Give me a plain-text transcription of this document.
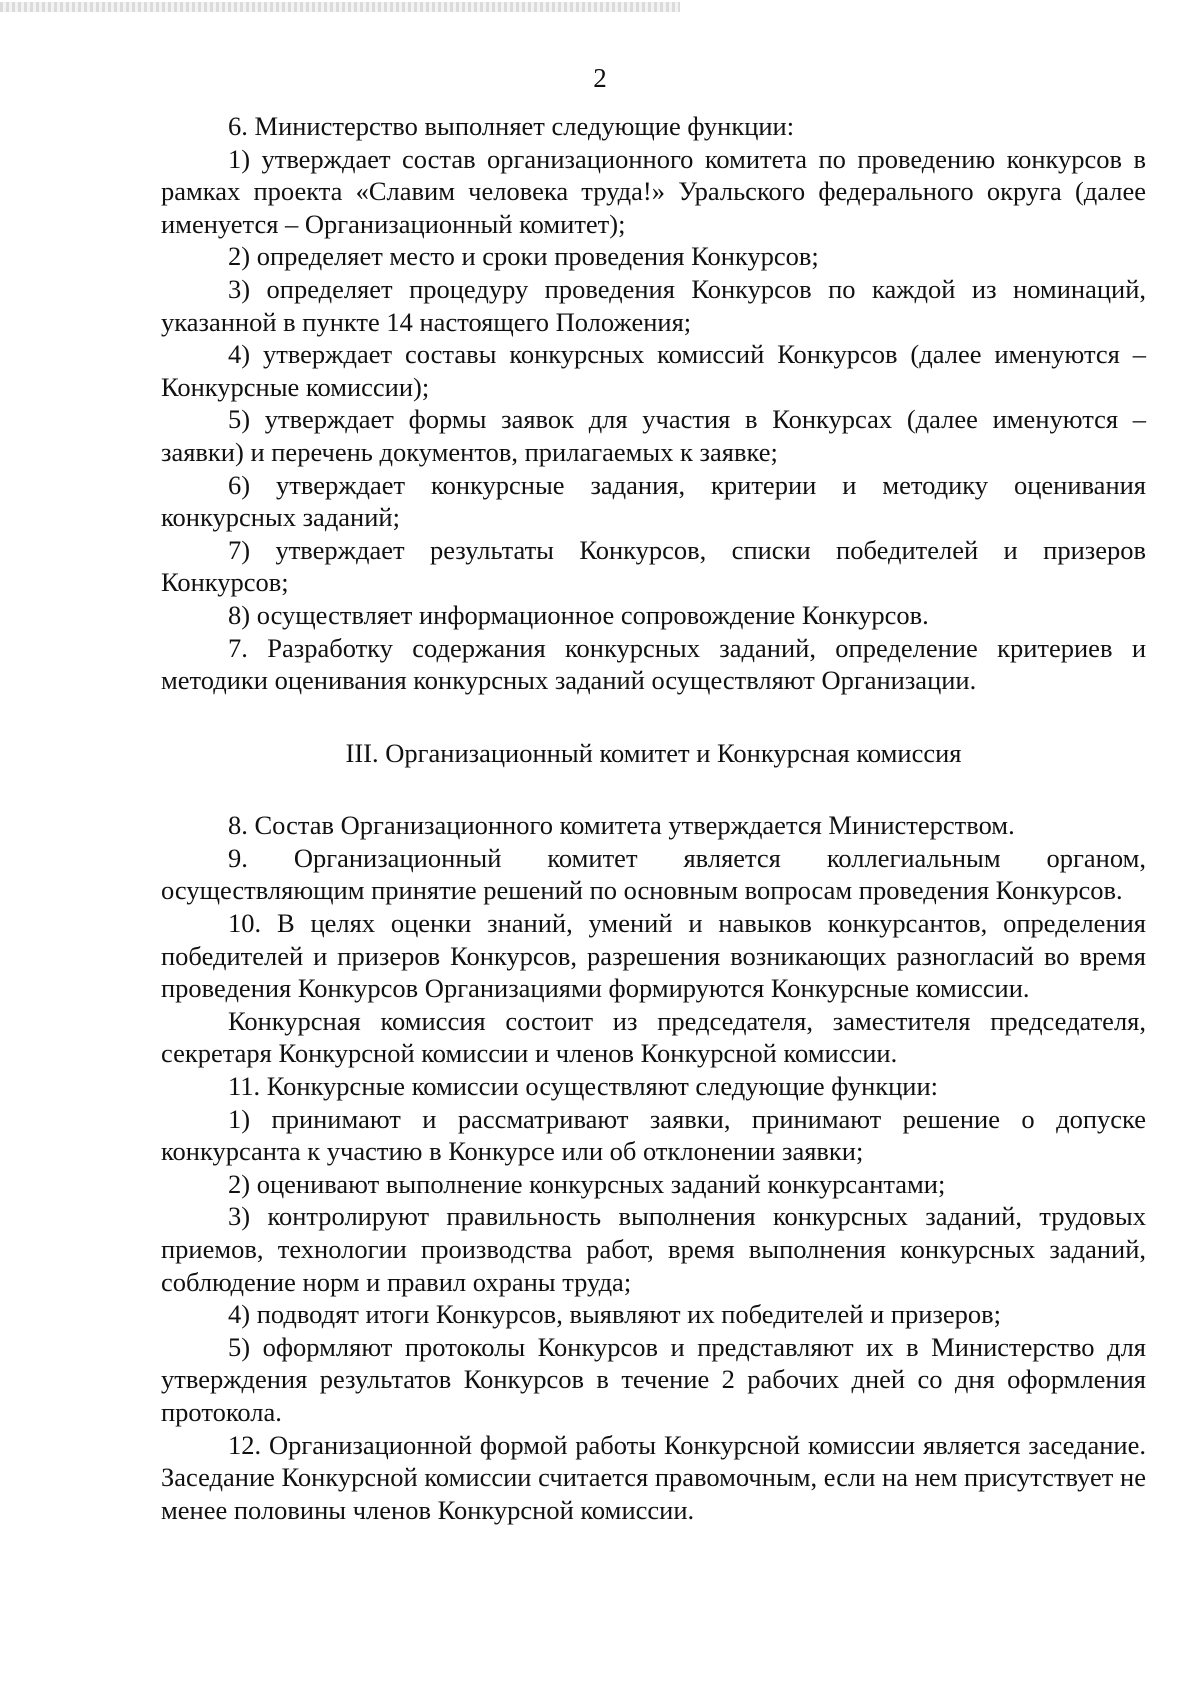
2

6. Министерство выполняет следующие функции:

1) утверждает состав организационного комитета по проведению конкурсов в рамках проекта «Славим человека труда!» Уральского федерального округа (далее именуется – Организационный комитет);

2) определяет место и сроки проведения Конкурсов;

3) определяет процедуру проведения Конкурсов по каждой из номинаций, указанной в пункте 14 настоящего Положения;

4) утверждает составы конкурсных комиссий Конкурсов (далее именуются – Конкурсные комиссии);

5) утверждает формы заявок для участия в Конкурсах (далее именуются – заявки) и перечень документов, прилагаемых к заявке;

6) утверждает конкурсные задания, критерии и методику оценивания конкурсных заданий;

7) утверждает результаты Конкурсов, списки победителей и призеров Конкурсов;

8) осуществляет информационное сопровождение Конкурсов.

7. Разработку содержания конкурсных заданий, определение критериев и методики оценивания конкурсных заданий осуществляют Организации.

III. Организационный комитет и Конкурсная комиссия

8. Состав Организационного комитета утверждается Министерством.

9. Организационный комитет является коллегиальным органом, осуществляющим принятие решений по основным вопросам проведения Конкурсов.

10. В целях оценки знаний, умений и навыков конкурсантов, определения победителей и призеров Конкурсов, разрешения возникающих разногласий во время проведения Конкурсов Организациями формируются Конкурсные комиссии.

Конкурсная комиссия состоит из председателя, заместителя председателя, секретаря Конкурсной комиссии и членов Конкурсной комиссии.

11. Конкурсные комиссии осуществляют следующие функции:

1) принимают и рассматривают заявки, принимают решение о допуске конкурсанта к участию в Конкурсе или об отклонении заявки;

2) оценивают выполнение конкурсных заданий конкурсантами;

3) контролируют правильность выполнения конкурсных заданий, трудовых приемов, технологии производства работ, время выполнения конкурсных заданий, соблюдение норм и правил охраны труда;

4) подводят итоги Конкурсов, выявляют их победителей и призеров;

5) оформляют протоколы Конкурсов и представляют их в Министерство для утверждения результатов Конкурсов в течение 2 рабочих дней со дня оформления протокола.

12. Организационной формой работы Конкурсной комиссии является заседание. Заседание Конкурсной комиссии считается правомочным, если на нем присутствует не менее половины членов Конкурсной комиссии.
